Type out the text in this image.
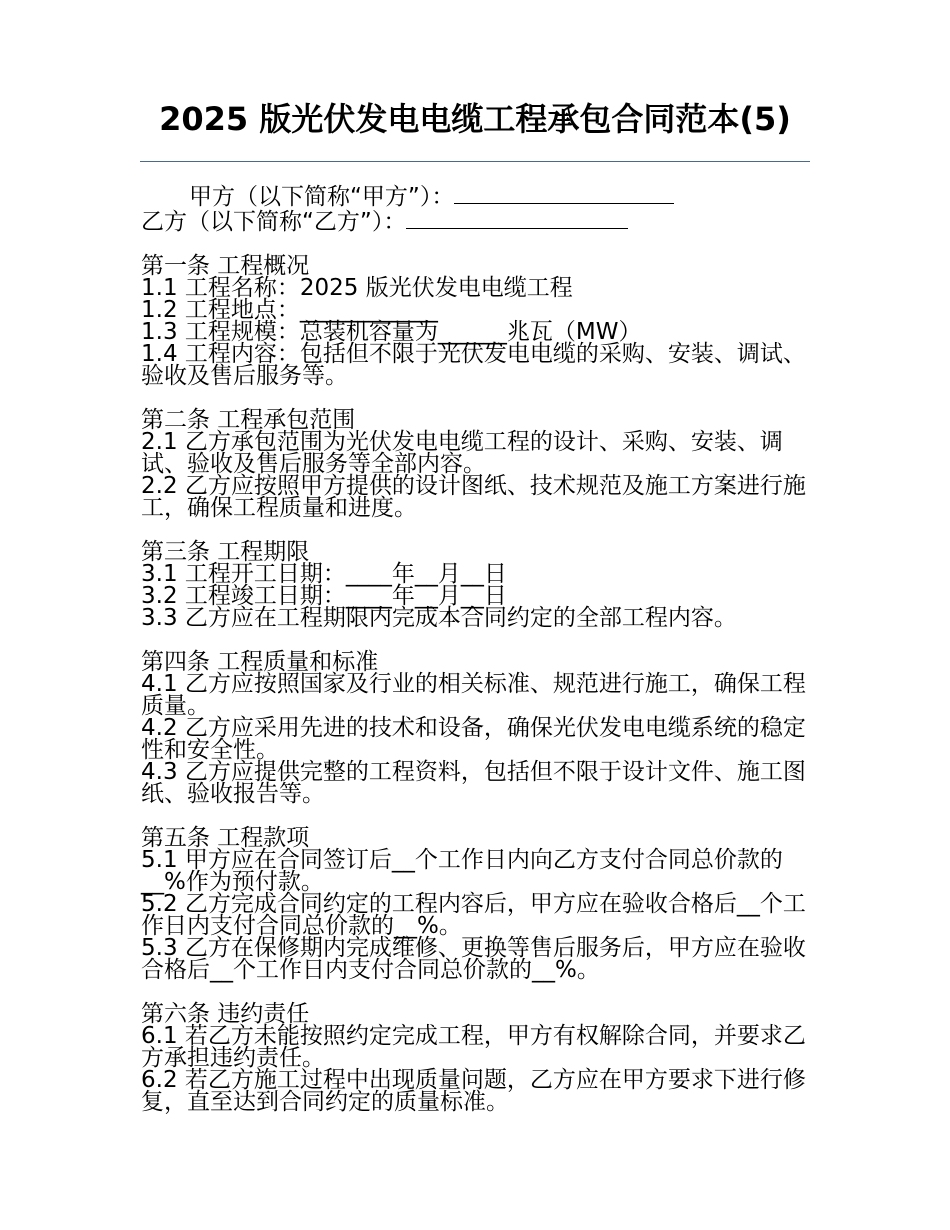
2025 版光伏发电电缆工程承包合同范本(5)

甲方（以下简称“甲方”）：

乙方（以下简称“乙方”）：

第一条 工程概况

1.1 工程名称：2025 版光伏发电电缆工程

1.2 工程地点：____________

1.3 工程规模：总装机容量为______兆瓦（MW）

1.4 工程内容：包括但不限于光伏发电电缆的采购、安装、调试、验收及售后服务等。

第二条 工程承包范围

2.1 乙方承包范围为光伏发电电缆工程的设计、采购、安装、调试、验收及售后服务等全部内容。

2.2 乙方应按照甲方提供的设计图纸、技术规范及施工方案进行施工，确保工程质量和进度。

第三条 工程期限

3.1 工程开工日期：____年__月__日

3.2 工程竣工日期：____年__月__日

3.3 乙方应在工程期限内完成本合同约定的全部工程内容。

第四条 工程质量和标准

4.1 乙方应按照国家及行业的相关标准、规范进行施工，确保工程质量。

4.2 乙方应采用先进的技术和设备，确保光伏发电电缆系统的稳定性和安全性。

4.3 乙方应提供完整的工程资料，包括但不限于设计文件、施工图纸、验收报告等。

第五条 工程款项

5.1 甲方应在合同签订后__个工作日内向乙方支付合同总价款的__%作为预付款。

5.2 乙方完成合同约定的工程内容后，甲方应在验收合格后__个工作日内支付合同总价款的__%。

5.3 乙方在保修期内完成维修、更换等售后服务后，甲方应在验收合格后__个工作日内支付合同总价款的__%。

第六条 违约责任

6.1 若乙方未能按照约定完成工程，甲方有权解除合同，并要求乙方承担违约责任。

6.2 若乙方施工过程中出现质量问题，乙方应在甲方要求下进行修复，直至达到合同约定的质量标准。
